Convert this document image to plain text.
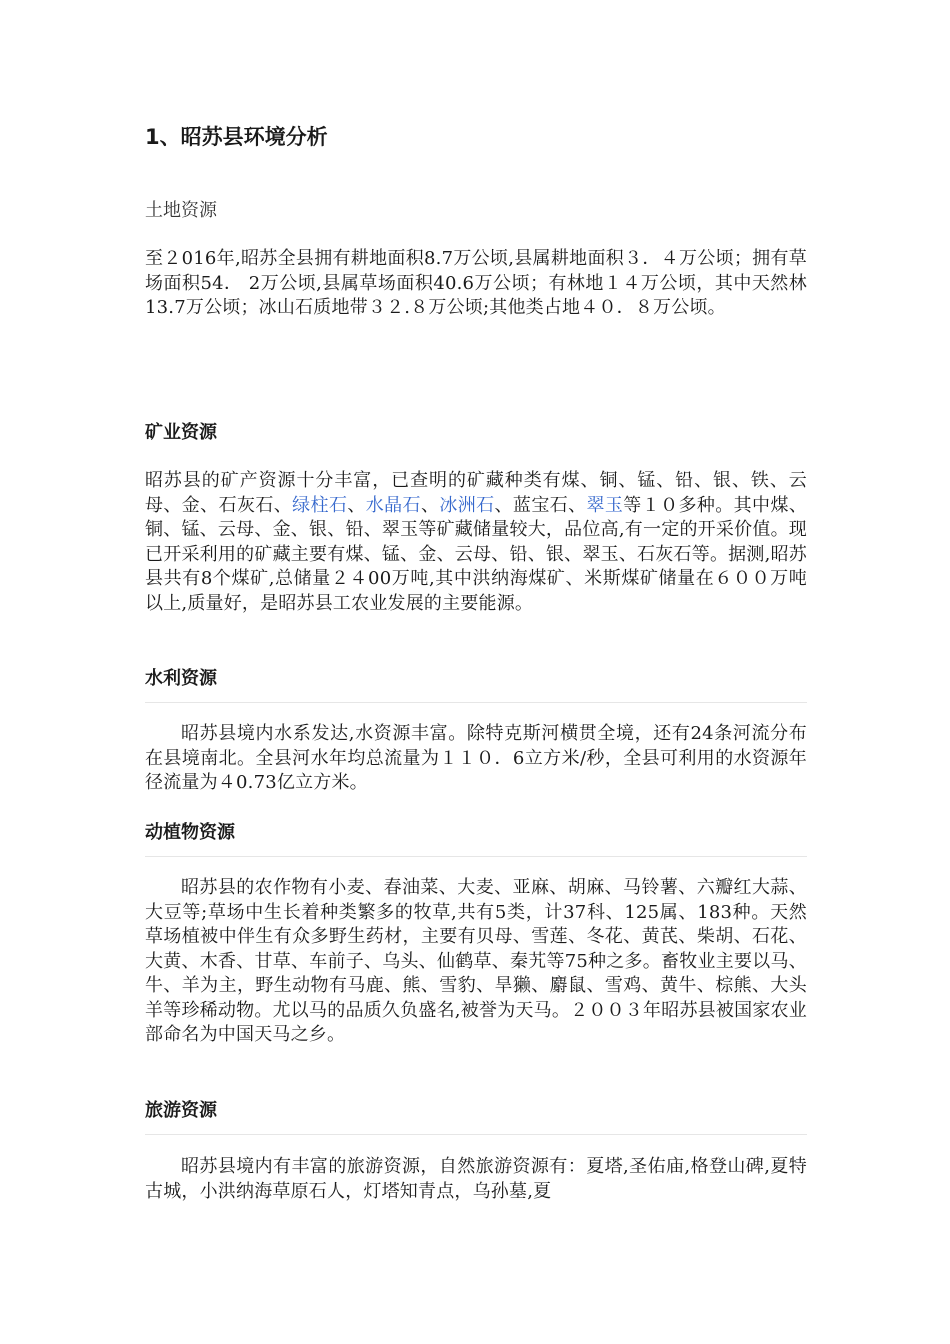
1、昭苏县环境分析
土地资源

至２016年,昭苏全县拥有耕地面积8.7万公顷,县属耕地面积３．４万公顷；拥有草场面积54． 2万公顷,县属草场面积40.6万公顷；有林地１４万公顷，其中天然林13.7万公顷；冰山石质地带３２.８万公顷;其他类占地４０．８万公顷。

矿业资源

昭苏县的矿产资源十分丰富，已查明的矿藏种类有煤、铜、锰、铅、银、铁、云母、金、石灰石、绿柱石、水晶石、冰洲石、蓝宝石、翠玉等１０多种。其中煤、铜、锰、云母、金、银、铅、翠玉等矿藏储量较大，品位高,有一定的开采价值。现已开采利用的矿藏主要有煤、锰、金、云母、铅、银、翠玉、石灰石等。据测,昭苏县共有8个煤矿,总储量２４00万吨,其中洪纳海煤矿、米斯煤矿储量在６００万吨以上,质量好，是昭苏县工农业发展的主要能源。

水利资源

昭苏县境内水系发达,水资源丰富。除特克斯河横贯全境，还有24条河流分布在县境南北。全县河水年均总流量为１１０．6立方米/秒，全县可利用的水资源年径流量为４0.73亿立方米。

动植物资源

昭苏县的农作物有小麦、春油菜、大麦、亚麻、胡麻、马铃薯、六瓣红大蒜、大豆等;草场中生长着种类繁多的牧草,共有5类，计37科、125属、183种。天然草场植被中伴生有众多野生药材，主要有贝母、雪莲、冬花、黄芪、柴胡、石花、大黄、木香、甘草、车前子、乌头、仙鹤草、秦艽等75种之多。畜牧业主要以马、牛、羊为主，野生动物有马鹿、熊、雪豹、旱獭、麝鼠、雪鸡、黄牛、棕熊、大头羊等珍稀动物。尤以马的品质久负盛名,被誉为天马。２００３年昭苏县被国家农业部命名为中国天马之乡。

旅游资源

昭苏县境内有丰富的旅游资源，自然旅游资源有：夏塔,圣佑庙,格登山碑,夏特古城，小洪纳海草原石人，灯塔知青点，乌孙墓,夏
